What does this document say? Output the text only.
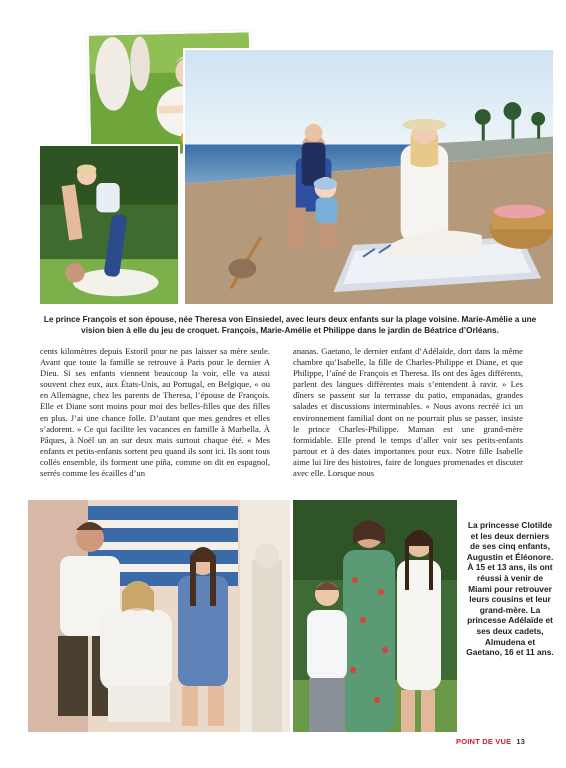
Le prince François et son épouse, née Theresa von Einsiedel, avec leurs deux enfants sur la plage voisine. Marie-Amélie a une vision bien à elle du jeu de croquet. François, Marie-Amélie et Philippe dans le jardin de Béatrice d’Orléans.

cents kilomètres depuis Estoril pour ne pas laisser sa mère seule. Avant que toute la famille se retrouve à Paris pour le dernier A Dieu. Si ses enfants viennent beaucoup la voir, elle va aussi souvent chez eux, aux États-Unis, au Portugal, en Belgique, « ou en Allemagne, chez les parents de Theresa, l’épouse de François. Elle et Diane sont moins pour moi des belles-filles que des filles en plus. J’ai une chance folle. D’autant que mes gendres et elles s’adorent. » Ce qui facilite les vacances en famille à Marbella. À Pâques, à Noël un an sur deux mais surtout chaque été. « Mes enfants et petits-enfants sortent peu quand ils sont ici. Ils sont tous collés ensemble, ils forment une piña, comme on dit en espagnol, serrés comme les écailles d’un

ananas. Gaetano, le dernier enfant d’Adélaïde, dort dans la même chambre qu’Isabelle, la fille de Charles-Philippe et Diane, et que Philippe, l’aîné de François et Theresa. Ils ont des âges différents, parlent des langues différentes mais s’entendent à ravir. » Les dîners se passent sur la terrasse du patio, empanadas, grandes salades et discussions interminables. « Nous avons recréé ici un environnement familial dont on ne pourrait plus se passer, insiste le prince Charles-Philippe. Maman est une grand-mère formidable. Elle prend le temps d’aller voir ses petits-enfants partout et à des dates importantes pour eux. Notre fille Isabelle aime lui lire des histoires, faire de longues promenades et discuter avec elle. Lorsque nous

La princesse Clotilde et les deux derniers de ses cinq enfants, Augustin et Éléonore. À 15 et 13 ans, ils ont réussi à venir de Miami pour retrouver leurs cousins et leur grand-mère. La princesse Adélaïde et ses deux cadets, Almudena et Gaetano, 16 et 11 ans.
POINT DE VUE 13
